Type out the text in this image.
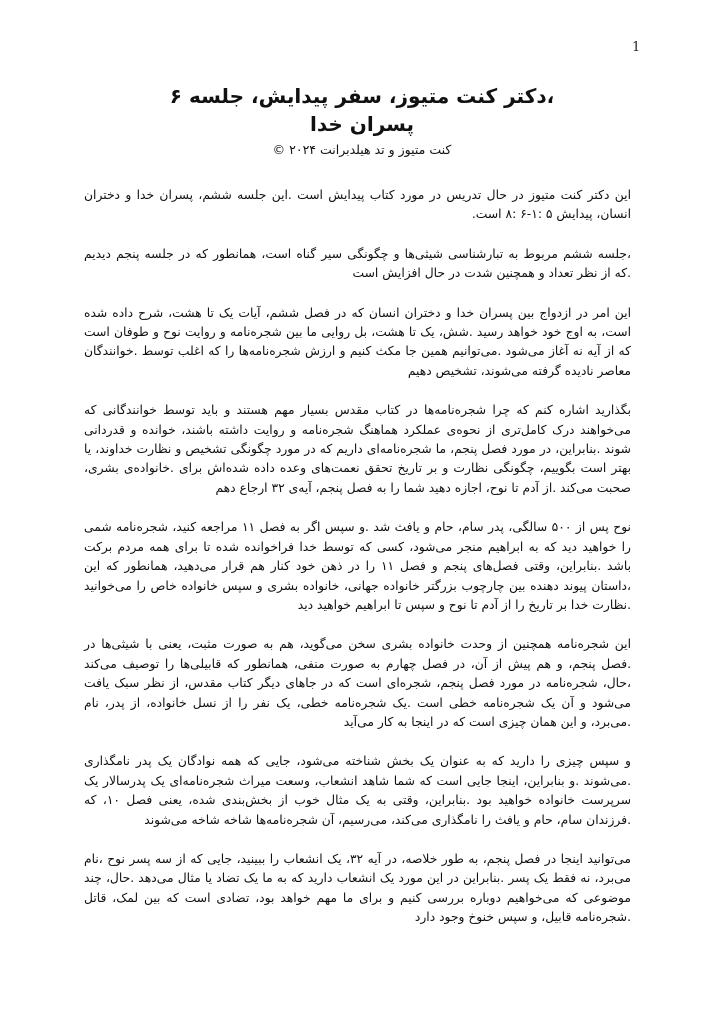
1
،دکتر کنت متیوز، سفر پیدایش، جلسه ۶
پسران خدا
کنت متیوز و تد هیلدبرانت ۲۰۲۴ ©

این دکتر کنت متیوز در حال تدریس در مورد کتاب پیدایش است .این جلسه ششم، پسران خدا و دختران انسان، پیدایش ۵ :۱-۶ :۸ است.

،جلسه ششم مربوط به تبارشناسی شیثی‌ها و چگونگی سیر گناه است، همانطور که در جلسه پنجم دیدیم .که از نظر تعداد و همچنین شدت در حال افزایش است

این امر در ازدواج بین پسران خدا و دختران انسان که در فصل ششم، آیات یک تا هشت، شرح داده شده است، به اوج خود خواهد رسید .شش، یک تا هشت، بل روایی ما بین شجره‌نامه و روایت نوح و طوفان است که از آیه نه آغاز می‌شود .می‌توانیم همین جا مکث کنیم و ارزش شجره‌نامه‌ها را که اغلب توسط .خوانندگان معاصر نادیده گرفته می‌شوند، تشخیص دهیم

بگذارید اشاره کنم که چرا شجره‌نامه‌ها در کتاب مقدس بسیار مهم هستند و باید توسط خوانندگانی که می‌خواهند درک کامل‌تری از نحوه‌ی عملکرد هماهنگ شجره‌نامه و روایت داشته باشند، خوانده و قدردانی شوند .بنابراین، در مورد فصل پنجم، ما شجره‌نامه‌ای داریم که در مورد چگونگی تشخیص و نظارت خداوند، یا بهتر است بگوییم، چگونگی نظارت و بر تاریخ تحقق نعمت‌های وعده داده شده‌اش برای .خانواده‌ی بشری، صحبت می‌کند .از آدم تا نوح، اجازه دهید شما را به فصل پنجم، آیه‌ی ۳۲ ارجاع دهم

نوح پس از ۵۰۰ سالگی، پدر سام، حام و یافث شد .و سپس اگر به فصل ۱۱ مراجعه کنید، شجره‌نامه شمی را خواهید دید که به ابراهیم منجر می‌شود، کسی که توسط خدا فراخوانده شده تا برای همه مردم برکت باشد .بنابراین، وقتی فصل‌های پنجم و فصل ۱۱ را در ذهن خود کنار هم قرار می‌دهید، همانطور که این ،داستان پیوند دهنده بین چارچوب بزرگتر خانواده جهانی، خانواده بشری و سپس خانواده خاص را می‌خوانید .نظارت خدا بر تاریخ را از آدم تا نوح و سپس تا ابراهیم خواهید دید

این شجره‌نامه همچنین از وحدت خانواده بشری سخن می‌گوید، هم به صورت مثبت، یعنی با شیثی‌ها در .فصل پنجم، و هم پیش از آن، در فصل چهارم به صورت منفی، همانطور که قابیلی‌ها را توصیف می‌کند ،حال، شجره‌نامه در مورد فصل پنجم، شجره‌ای است که در جاهای دیگر کتاب مقدس، از نظر سبک یافت می‌شود و آن یک شجره‌نامه خطی است .یک شجره‌نامه خطی، یک نفر را از نسل خانواده، از پدر، نام .می‌برد، و این همان چیزی است که در اینجا به کار می‌آید

و سپس چیزی را دارید که به عنوان یک بخش شناخته می‌شود، جایی که همه نوادگان یک پدر نامگذاری .می‌شوند .و بنابراین، اینجا جایی است که شما شاهد انشعاب، وسعت میراث شجره‌نامه‌ای یک پدرسالار یک سرپرست خانواده خواهید بود .بنابراین، وقتی به یک مثال خوب از بخش‌بندی شده، یعنی فصل ۱۰، که .فرزندان سام، حام و یافث را نامگذاری می‌کند، می‌رسیم، آن شجره‌نامه‌ها شاخه شاخه می‌شوند

می‌توانید اینجا در فصل پنجم، به طور خلاصه، در آیه ۳۲، یک انشعاب را ببینید، جایی که از سه پسر نوح ،نام می‌برد، نه فقط یک پسر .بنابراین در این مورد یک انشعاب دارید که به ما یک تضاد یا مثال می‌دهد .حال، چند موضوعی که می‌خواهیم دوباره بررسی کنیم و برای ما مهم خواهد بود، تضادی است که بین لمک، قاتل .شجره‌نامه قابیل، و سپس خنوخ وجود دارد
